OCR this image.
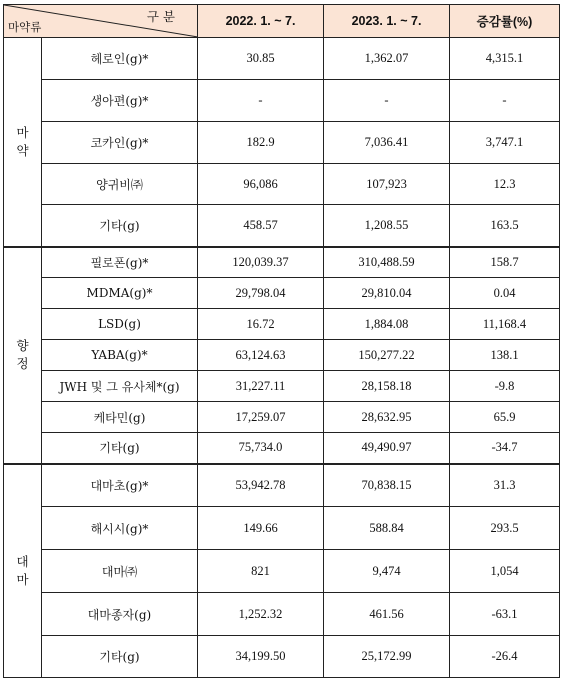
구 분
마약류		2022. 1. ~ 7.	2023. 1. ~ 7.	증감률(%)

마
약	헤로인(g)*	30.85	1,362.07	4,315.1
	생아편(g)*	-	-	-
	코카인(g)*	182.9	7,036.41	3,747.1
	양귀비㈜	96,086	107,923	12.3
	기타(g)	458.57	1,208.55	163.5

향
정	필로폰(g)*	120,039.37	310,488.59	158.7
	MDMA(g)*	29,798.04	29,810.04	0.04
	LSD(g)	16.72	1,884.08	11,168.4
	YABA(g)*	63,124.63	150,277.22	138.1
	JWH 및 그 유사체*(g)	31,227.11	28,158.18	-9.8
	케타민(g)	17,259.07	28,632.95	65.9
	기타(g)	75,734.0	49,490.97	-34.7

대
마	대마초(g)*	53,942.78	70,838.15	31.3
	해시시(g)*	149.66	588.84	293.5
	대마㈜	821	9,474	1,054
	대마종자(g)	1,252.32	461.56	-63.1
	기타(g)	34,199.50	25,172.99	-26.4
